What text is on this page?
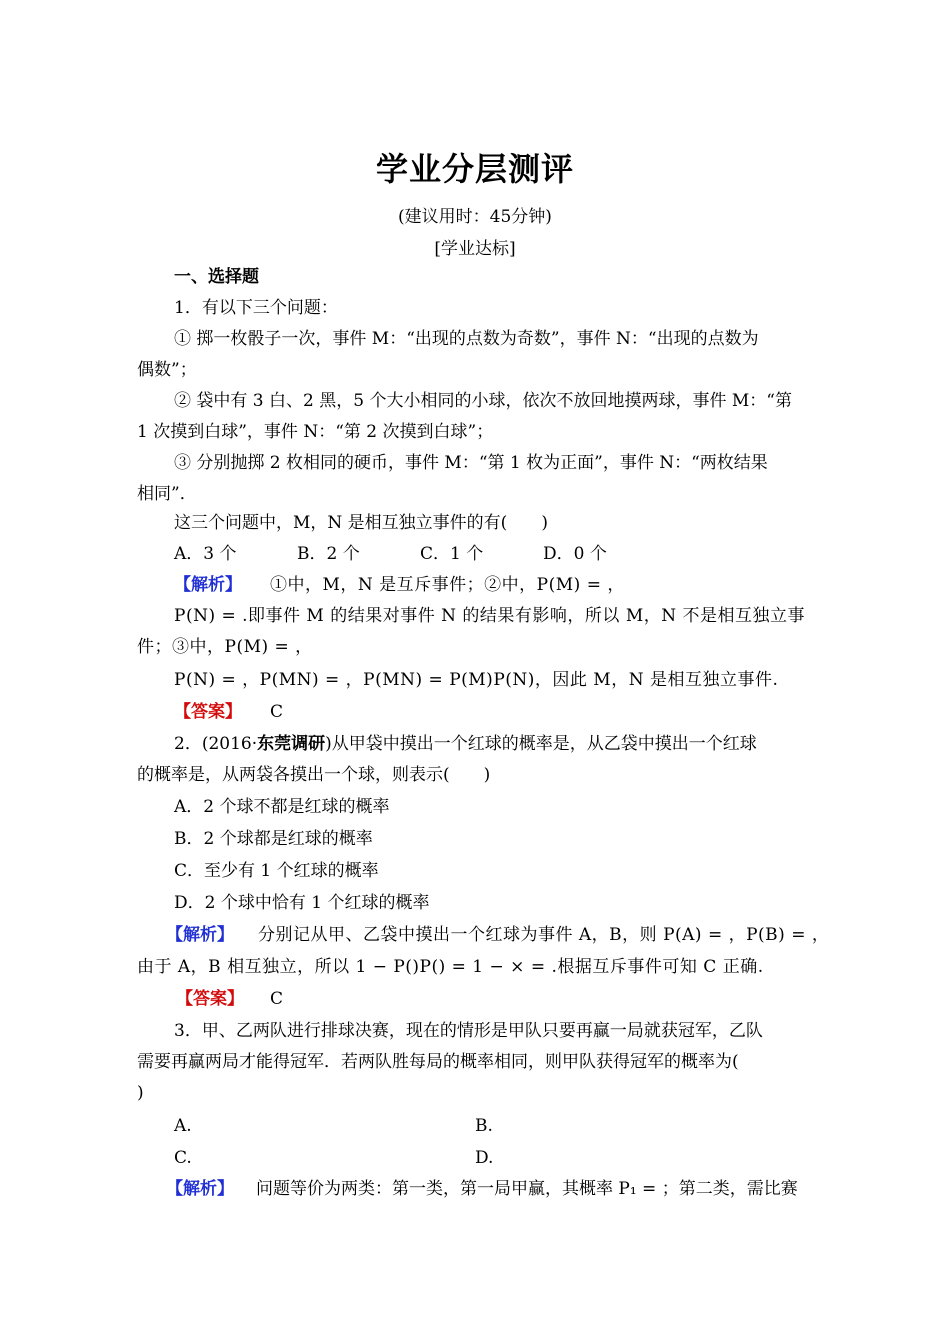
学业分层测评
(建议用时：45分钟)
[学业达标]
一、选择题
1．有以下三个问题：
① 掷一枚骰子一次，事件 M：“出现的点数为奇数”，事件 N：“出现的点数为
偶数”；
② 袋中有 3 白、2 黑，5 个大小相同的小球，依次不放回地摸两球，事件 M：“第
1 次摸到白球”，事件 N：“第 2 次摸到白球”；
③ 分别抛掷 2 枚相同的硬币，事件 M：“第 1 枚为正面”，事件 N：“两枚结果
相同”．
这三个问题中，M，N 是相互独立事件的有(　　)
A．3 个	B．2 个	C．1 个	D．0 个
【解析】 ①中，M，N 是互斥事件；②中，P(M) = ，
P(N) = .即事件 M 的结果对事件 N 的结果有影响，所以 M，N 不是相互独立事
件；③中，P(M) = ，
P(N) = ，P(MN) = ，P(MN) = P(M)P(N)，因此 M，N 是相互独立事件.
【答案】 C
2．(2016·东莞调研)从甲袋中摸出一个红球的概率是，从乙袋中摸出一个红球
的概率是，从两袋各摸出一个球，则表示(　　)
A．2 个球不都是红球的概率
B．2 个球都是红球的概率
C．至少有 1 个红球的概率
D．2 个球中恰有 1 个红球的概率
【解析】 分别记从甲、乙袋中摸出一个红球为事件 A，B，则 P(A) = ，P(B) = ，
由于 A，B 相互独立，所以 1 − P()P() = 1 − × = .根据互斥事件可知 C 正确.
【答案】 C
3．甲、乙两队进行排球决赛，现在的情形是甲队只要再赢一局就获冠军，乙队
需要再赢两局才能得冠军．若两队胜每局的概率相同，则甲队获得冠军的概率为(
)
A.	B.
C.	D.
【解析】 问题等价为两类：第一类，第一局甲赢，其概率 P₁ = ；第二类，需比赛
